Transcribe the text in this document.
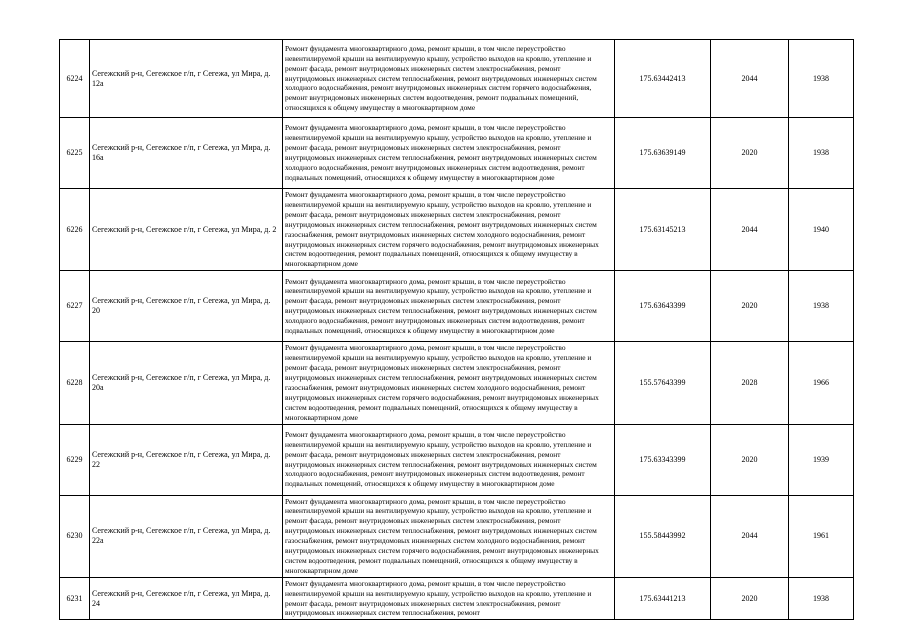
6224	Сегежский р-н, Сегежское г/п, г Сегежа, ул Мира, д. 12а	Ремонт фундамента многоквартирного дома, ремонт крыши, в том числе переустройство невентилируемой крыши на вентилируемую крышу, устройство выходов на кровлю, утепление и ремонт фасада, ремонт внутридомовых инженерных систем электроснабжения, ремонт внутридомовых инженерных систем теплоснабжения, ремонт внутридомовых инженерных систем холодного водоснабжения, ремонт внутридомовых инженерных систем горячего водоснабжения, ремонт внутридомовых инженерных систем водоотведения, ремонт подвальных помещений, относящихся к общему имуществу в многоквартирном доме	175.63442413	2044	1938
6225	Сегежский р-н, Сегежское г/п, г Сегежа, ул Мира, д. 16а	Ремонт фундамента многоквартирного дома, ремонт крыши, в том числе переустройство невентилируемой крыши на вентилируемую крышу, устройство выходов на кровлю, утепление и ремонт фасада, ремонт внутридомовых инженерных систем электроснабжения, ремонт внутридомовых инженерных систем теплоснабжения, ремонт внутридомовых инженерных систем холодного водоснабжения, ремонт внутридомовых инженерных систем водоотведения, ремонт подвальных помещений, относящихся к общему имуществу в многоквартирном доме	175.63639149	2020	1938
6226	Сегежский р-н, Сегежское г/п, г Сегежа, ул Мира, д. 2	Ремонт фундамента многоквартирного дома, ремонт крыши, в том числе переустройство невентилируемой крыши на вентилируемую крышу, устройство выходов на кровлю, утепление и ремонт фасада, ремонт внутридомовых инженерных систем электроснабжения, ремонт внутридомовых инженерных систем теплоснабжения, ремонт внутридомовых инженерных систем газоснабжения, ремонт внутридомовых инженерных систем холодного водоснабжения, ремонт внутридомовых инженерных систем горячего водоснабжения, ремонт внутридомовых инженерных систем водоотведения, ремонт подвальных помещений, относящихся к общему имуществу в многоквартирном доме	175.63145213	2044	1940
6227	Сегежский р-н, Сегежское г/п, г Сегежа, ул Мира, д. 20	Ремонт фундамента многоквартирного дома, ремонт крыши, в том числе переустройство невентилируемой крыши на вентилируемую крышу, устройство выходов на кровлю, утепление и ремонт фасада, ремонт внутридомовых инженерных систем электроснабжения, ремонт внутридомовых инженерных систем теплоснабжения, ремонт внутридомовых инженерных систем холодного водоснабжения, ремонт внутридомовых инженерных систем водоотведения, ремонт подвальных помещений, относящихся к общему имуществу в многоквартирном доме	175.63643399	2020	1938
6228	Сегежский р-н, Сегежское г/п, г Сегежа, ул Мира, д. 20а	Ремонт фундамента многоквартирного дома, ремонт крыши, в том числе переустройство невентилируемой крыши на вентилируемую крышу, устройство выходов на кровлю, утепление и ремонт фасада, ремонт внутридомовых инженерных систем электроснабжения, ремонт внутридомовых инженерных систем теплоснабжения, ремонт внутридомовых инженерных систем газоснабжения, ремонт внутридомовых инженерных систем холодного водоснабжения, ремонт внутридомовых инженерных систем горячего водоснабжения, ремонт внутридомовых инженерных систем водоотведения, ремонт подвальных помещений, относящихся к общему имуществу в многоквартирном доме	155.57643399	2028	1966
6229	Сегежский р-н, Сегежское г/п, г Сегежа, ул Мира, д. 22	Ремонт фундамента многоквартирного дома, ремонт крыши, в том числе переустройство невентилируемой крыши на вентилируемую крышу, устройство выходов на кровлю, утепление и ремонт фасада, ремонт внутридомовых инженерных систем электроснабжения, ремонт внутридомовых инженерных систем теплоснабжения, ремонт внутридомовых инженерных систем холодного водоснабжения, ремонт внутридомовых инженерных систем водоотведения, ремонт подвальных помещений, относящихся к общему имуществу в многоквартирном доме	175.63343399	2020	1939
6230	Сегежский р-н, Сегежское г/п, г Сегежа, ул Мира, д. 22а	Ремонт фундамента многоквартирного дома, ремонт крыши, в том числе переустройство невентилируемой крыши на вентилируемую крышу, устройство выходов на кровлю, утепление и ремонт фасада, ремонт внутридомовых инженерных систем электроснабжения, ремонт внутридомовых инженерных систем теплоснабжения, ремонт внутридомовых инженерных систем газоснабжения, ремонт внутридомовых инженерных систем холодного водоснабжения, ремонт внутридомовых инженерных систем горячего водоснабжения, ремонт внутридомовых инженерных систем водоотведения, ремонт подвальных помещений, относящихся к общему имуществу в многоквартирном доме	155.58443992	2044	1961
6231	Сегежский р-н, Сегежское г/п, г Сегежа, ул Мира, д. 24	Ремонт фундамента многоквартирного дома, ремонт крыши, в том числе переустройство невентилируемой крыши на вентилируемую крышу, устройство выходов на кровлю, утепление и ремонт фасада, ремонт внутридомовых инженерных систем электроснабжения, ремонт внутридомовых инженерных систем теплоснабжения, ремонт	175.63441213	2020	1938
